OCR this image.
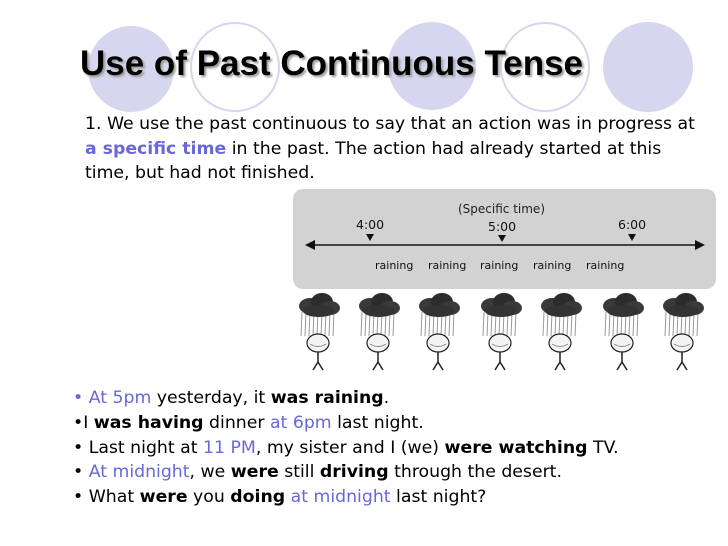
Use of Past Continuous Tense
1. We use the past continuous to say that an action was in progress at a specific time in the past. The action had already started at this time, but had not finished.
(Specific time)
4:00	5:00	6:00
raining raining raining raining raining
• At 5pm yesterday, it was raining.
•I was having dinner at 6pm last night.
• Last night at 11 PM, my sister and I (we) were watching TV.
• At midnight, we were still driving through the desert.
• What were you doing at midnight last night?
